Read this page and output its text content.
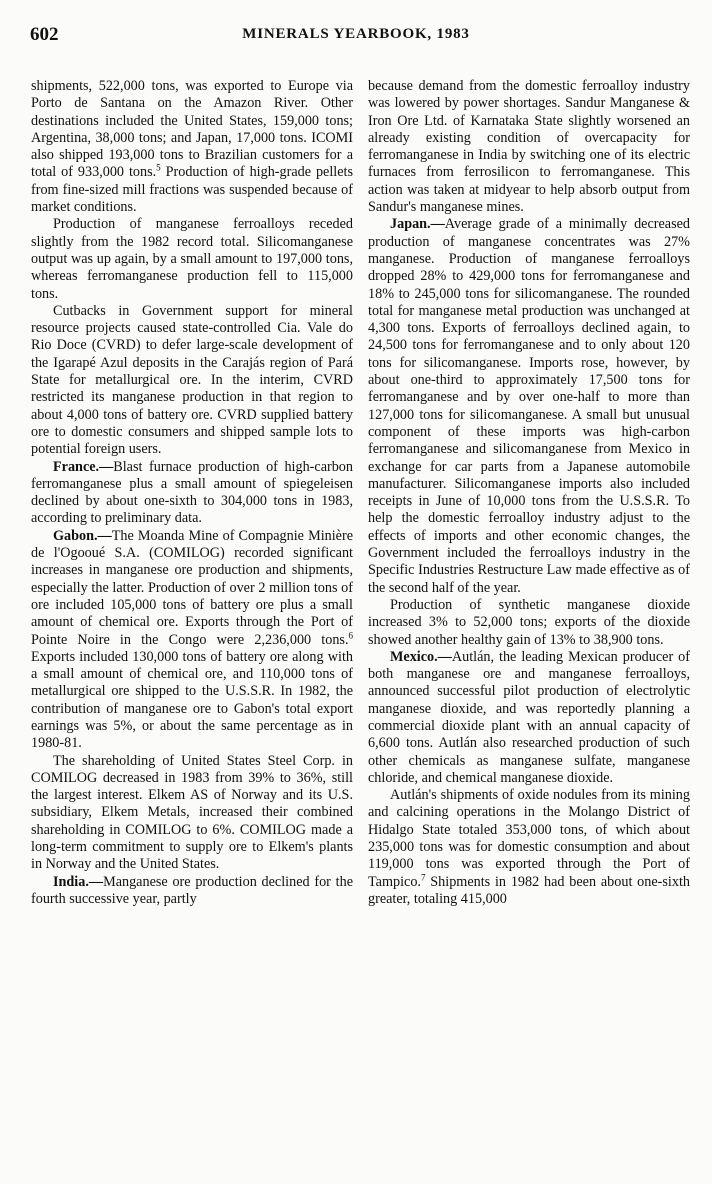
602	MINERALS YEARBOOK, 1983

shipments, 522,000 tons, was exported to Europe via Porto de Santana on the Amazon River. Other destinations included the United States, 159,000 tons; Argentina, 38,000 tons; and Japan, 17,000 tons. ICOMI also shipped 193,000 tons to Brazilian customers for a total of 933,000 tons.$^5$ Production of high-grade pellets from fine-sized mill fractions was suspended because of market conditions.

Production of manganese ferroalloys receded slightly from the 1982 record total. Silicomanganese output was up again, by a small amount to 197,000 tons, whereas ferromanganese production fell to 115,000 tons.

Cutbacks in Government support for mineral resource projects caused state-controlled Cia. Vale do Rio Doce (CVRD) to defer large-scale development of the Igarapé Azul deposits in the Carajás region of Pará State for metallurgical ore. In the interim, CVRD restricted its manganese production in that region to about 4,000 tons of battery ore. CVRD supplied battery ore to domestic consumers and shipped sample lots to potential foreign users.

France.—Blast furnace production of high-carbon ferromanganese plus a small amount of spiegeleisen declined by about one-sixth to 304,000 tons in 1983, according to preliminary data.

Gabon.—The Moanda Mine of Compagnie Minière de l'Ogooué S.A. (COMILOG) recorded significant increases in manganese ore production and shipments, especially the latter. Production of over 2 million tons of ore included 105,000 tons of battery ore plus a small amount of chemical ore. Exports through the Port of Pointe Noire in the Congo were 2,236,000 tons.$^6$ Exports included 130,000 tons of battery ore along with a small amount of chemical ore, and 110,000 tons of metallurgical ore shipped to the U.S.S.R. In 1982, the contribution of manganese ore to Gabon's total export earnings was 5%, or about the same percentage as in 1980-81.

The shareholding of United States Steel Corp. in COMILOG decreased in 1983 from 39% to 36%, still the largest interest. Elkem AS of Norway and its U.S. subsidiary, Elkem Metals, increased their combined shareholding in COMILOG to 6%. COMILOG made a long-term commitment to supply ore to Elkem's plants in Norway and the United States.

India.—Manganese ore production declined for the fourth successive year, partly

because demand from the domestic ferroalloy industry was lowered by power shortages. Sandur Manganese & Iron Ore Ltd. of Karnataka State slightly worsened an already existing condition of overcapacity for ferromanganese in India by switching one of its electric furnaces from ferrosilicon to ferromanganese. This action was taken at midyear to help absorb output from Sandur's manganese mines.

Japan.—Average grade of a minimally decreased production of manganese concentrates was 27% manganese. Production of manganese ferroalloys dropped 28% to 429,000 tons for ferromanganese and 18% to 245,000 tons for silicomanganese. The rounded total for manganese metal production was unchanged at 4,300 tons. Exports of ferroalloys declined again, to 24,500 tons for ferromanganese and to only about 120 tons for silicomanganese. Imports rose, however, by about one-third to approximately 17,500 tons for ferromanganese and by over one-half to more than 127,000 tons for silicomanganese. A small but unusual component of these imports was high-carbon ferromanganese and silicomanganese from Mexico in exchange for car parts from a Japanese automobile manufacturer. Silicomanganese imports also included receipts in June of 10,000 tons from the U.S.S.R. To help the domestic ferroalloy industry adjust to the effects of imports and other economic changes, the Government included the ferroalloys industry in the Specific Industries Restructure Law made effective as of the second half of the year.

Production of synthetic manganese dioxide increased 3% to 52,000 tons; exports of the dioxide showed another healthy gain of 13% to 38,900 tons.

Mexico.—Autlán, the leading Mexican producer of both manganese ore and manganese ferroalloys, announced successful pilot production of electrolytic manganese dioxide, and was reportedly planning a commercial dioxide plant with an annual capacity of 6,600 tons. Autlán also researched production of such other chemicals as manganese sulfate, manganese chloride, and chemical manganese dioxide.

Autlán's shipments of oxide nodules from its mining and calcining operations in the Molango District of Hidalgo State totaled 353,000 tons, of which about 235,000 tons was for domestic consumption and about 119,000 tons was exported through the Port of Tampico.$^7$ Shipments in 1982 had been about one-sixth greater, totaling 415,000
